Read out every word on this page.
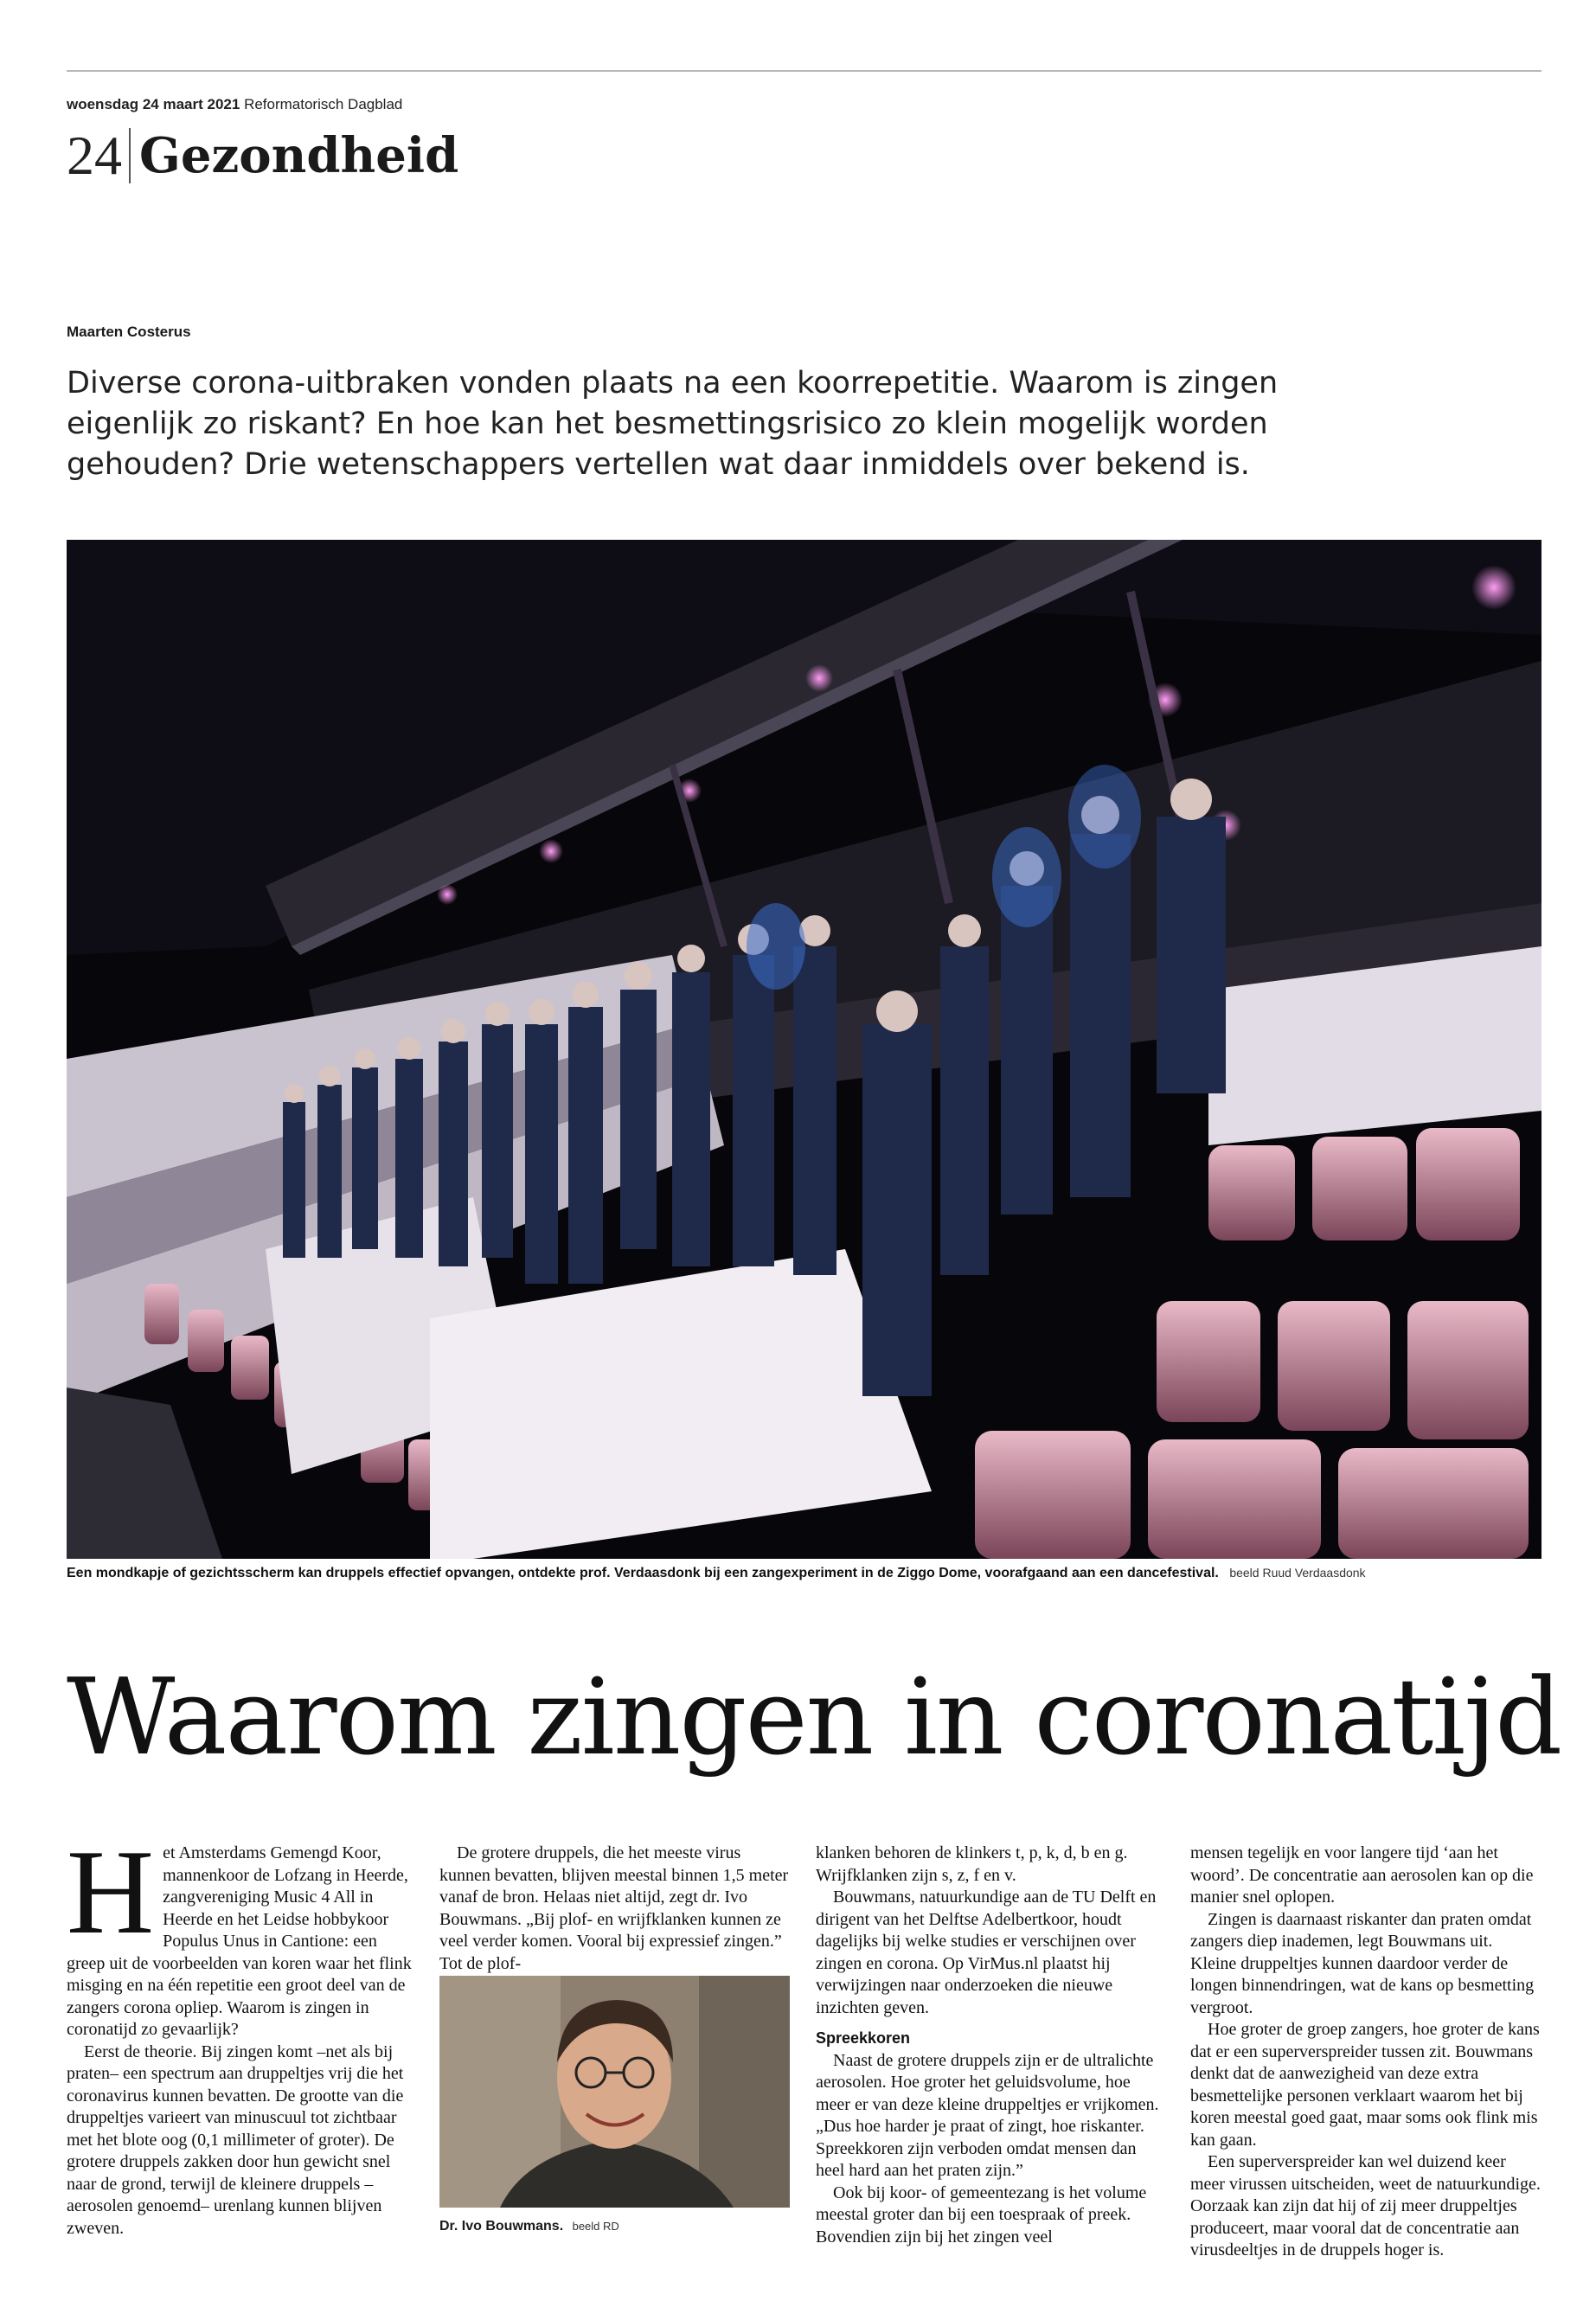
woensdag 24 maart 2021 Reformatorisch Dagblad
24 Gezondheid
Maarten Costerus
Diverse corona-uitbraken vonden plaats na een koorrepetitie. Waarom is zingen eigenlijk zo riskant? En hoe kan het besmettingsrisico zo klein mogelijk worden gehouden? Drie wetenschappers vertellen wat daar inmiddels over bekend is.
Een mondkapje of gezichtsscherm kan druppels effectief opvangen, ontdekte prof. Verdaasdonk bij een zangexperiment in de Ziggo Dome, voorafgaand aan een dancefestival. beeld Ruud Verdaasdonk
Waarom zingen in coronatijd
H et Amsterdams Gemengd Koor, mannenkoor de Lofzang in Heerde, zangvereniging Music 4 All in Heerde en het Leidse hobbykoor Populus Unus in Cantione: een greep uit de voorbeelden van koren waar het flink misging en na één repetitie een groot deel van de zangers corona opliep. Waarom is zingen in coronatijd zo gevaarlijk?

Eerst de theorie. Bij zingen komt –net als bij praten– een spectrum aan druppeltjes vrij die het coronavirus kunnen bevatten. De grootte van die druppeltjes varieert van minuscuul tot zichtbaar met het blote oog (0,1 millimeter of groter). De grotere druppels zakken door hun gewicht snel naar de grond, terwijl de kleinere druppels –aerosolen genoemd– urenlang kunnen blijven zweven.

De grotere druppels, die het meeste virus kunnen bevatten, blijven meestal binnen 1,5 meter vanaf de bron. Helaas niet altijd, zegt dr. Ivo Bouwmans. „Bij plof- en wrijfklanken kunnen ze veel verder komen. Vooral bij expressief zingen.” Tot de plof-

Dr. Ivo Bouwmans. beeld RD

klanken behoren de klinkers t, p, k, d, b en g. Wrijfklanken zijn s, z, f en v.

Bouwmans, natuurkundige aan de TU Delft en dirigent van het Delftse Adelbertkoor, houdt dagelijks bij welke studies er verschijnen over zingen en corona. Op VirMus.nl plaatst hij verwijzingen naar onderzoeken die nieuwe inzichten geven.

Spreekkoren

Naast de grotere druppels zijn er de ultralichte aerosolen. Hoe groter het geluidsvolume, hoe meer er van deze kleine druppeltjes er vrijkomen. „Dus hoe harder je praat of zingt, hoe riskanter. Spreekkoren zijn verboden omdat mensen dan heel hard aan het praten zijn.”

Ook bij koor- of gemeentezang is het volume meestal groter dan bij een toespraak of preek. Bovendien zijn bij het zingen veel

mensen tegelijk en voor langere tijd ‘aan het woord’. De concentratie aan aerosolen kan op die manier snel oplopen.

Zingen is daarnaast riskanter dan praten omdat zangers diep inademen, legt Bouwmans uit. Kleine druppeltjes kunnen daardoor verder de longen binnendringen, wat de kans op besmetting vergroot.

Hoe groter de groep zangers, hoe groter de kans dat er een superverspreider tussen zit. Bouwmans denkt dat de aanwezigheid van deze extra besmettelijke personen verklaart waarom het bij koren meestal goed gaat, maar soms ook flink mis kan gaan.

Een superverspreider kan wel duizend keer meer virussen uitscheiden, weet de natuurkundige. Oorzaak kan zijn dat hij of zij meer druppeltjes produceert, maar vooral dat de concentratie aan virusdeeltjes in de druppels hoger is.
